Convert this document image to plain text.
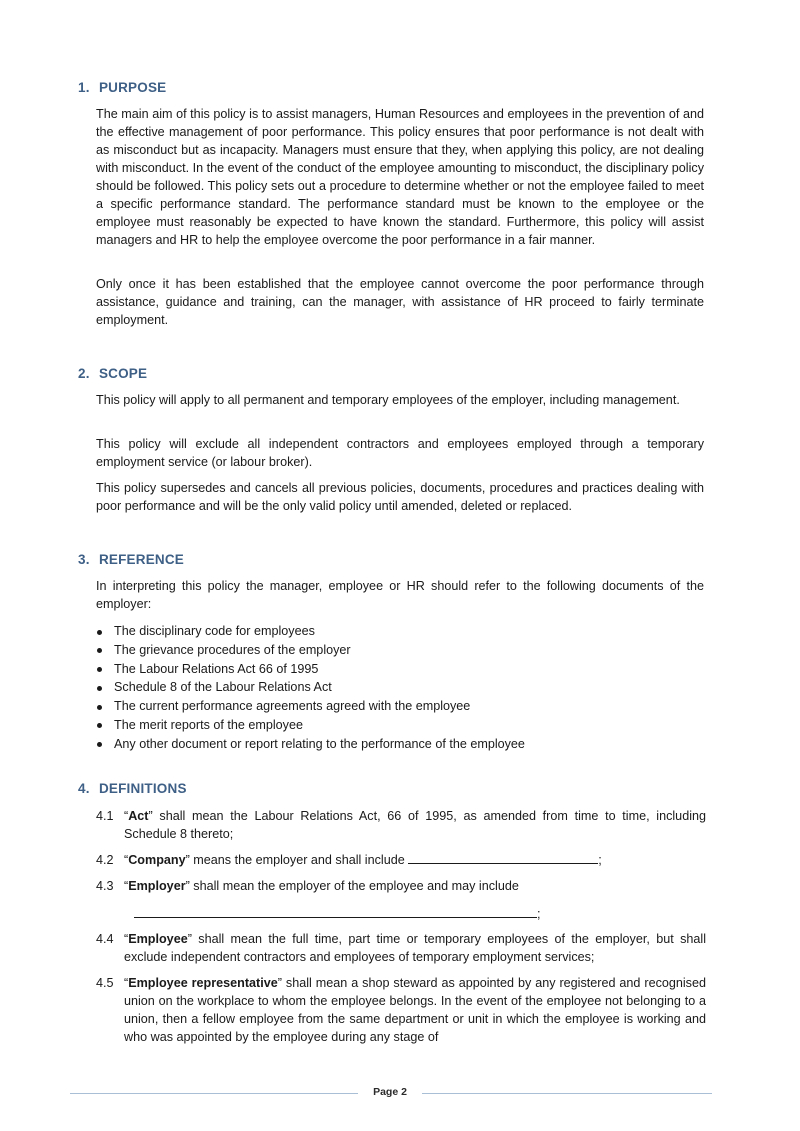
1. PURPOSE

The main aim of this policy is to assist managers, Human Resources and employees in the prevention of and the effective management of poor performance. This policy ensures that poor performance is not dealt with as misconduct but as incapacity. Managers must ensure that they, when applying this policy, are not dealing with misconduct. In the event of the conduct of the employee amounting to misconduct, the disciplinary policy should be followed. This policy sets out a procedure to determine whether or not the employee failed to meet a specific performance standard. The performance standard must be known to the employee or the employee must reasonably be expected to have known the standard. Furthermore, this policy will assist managers and HR to help the employee overcome the poor performance in a fair manner.

Only once it has been established that the employee cannot overcome the poor performance through assistance, guidance and training, can the manager, with assistance of HR proceed to fairly terminate employment.

2. SCOPE

This policy will apply to all permanent and temporary employees of the employer, including management.

This policy will exclude all independent contractors and employees employed through a temporary employment service (or labour broker).

This policy supersedes and cancels all previous policies, documents, procedures and practices dealing with poor performance and will be the only valid policy until amended, deleted or replaced.

3. REFERENCE

In interpreting this policy the manager, employee or HR should refer to the following documents of the employer:

The disciplinary code for employees
The grievance procedures of the employer
The Labour Relations Act 66 of 1995
Schedule 8 of the Labour Relations Act
The current performance agreements agreed with the employee
The merit reports of the employee
Any other document or report relating to the performance of the employee
4. DEFINITIONS
4.1 “Act” shall mean the Labour Relations Act, 66 of 1995, as amended from time to time, including Schedule 8 thereto;
4.2 “Company” means the employer and shall include	;
4.3 “Employer” shall mean the employer of the employee and may include
;
4.4 “Employee” shall mean the full time, part time or temporary employees of the employer, but shall exclude independent contractors and employees of temporary employment services;
4.5 “Employee representative” shall mean a shop steward as appointed by any registered and recognised union on the workplace to whom the employee belongs. In the event of the employee not belonging to a union, then a fellow employee from the same department or unit in which the employee is working and who was appointed by the employee during any stage of
Page 2
